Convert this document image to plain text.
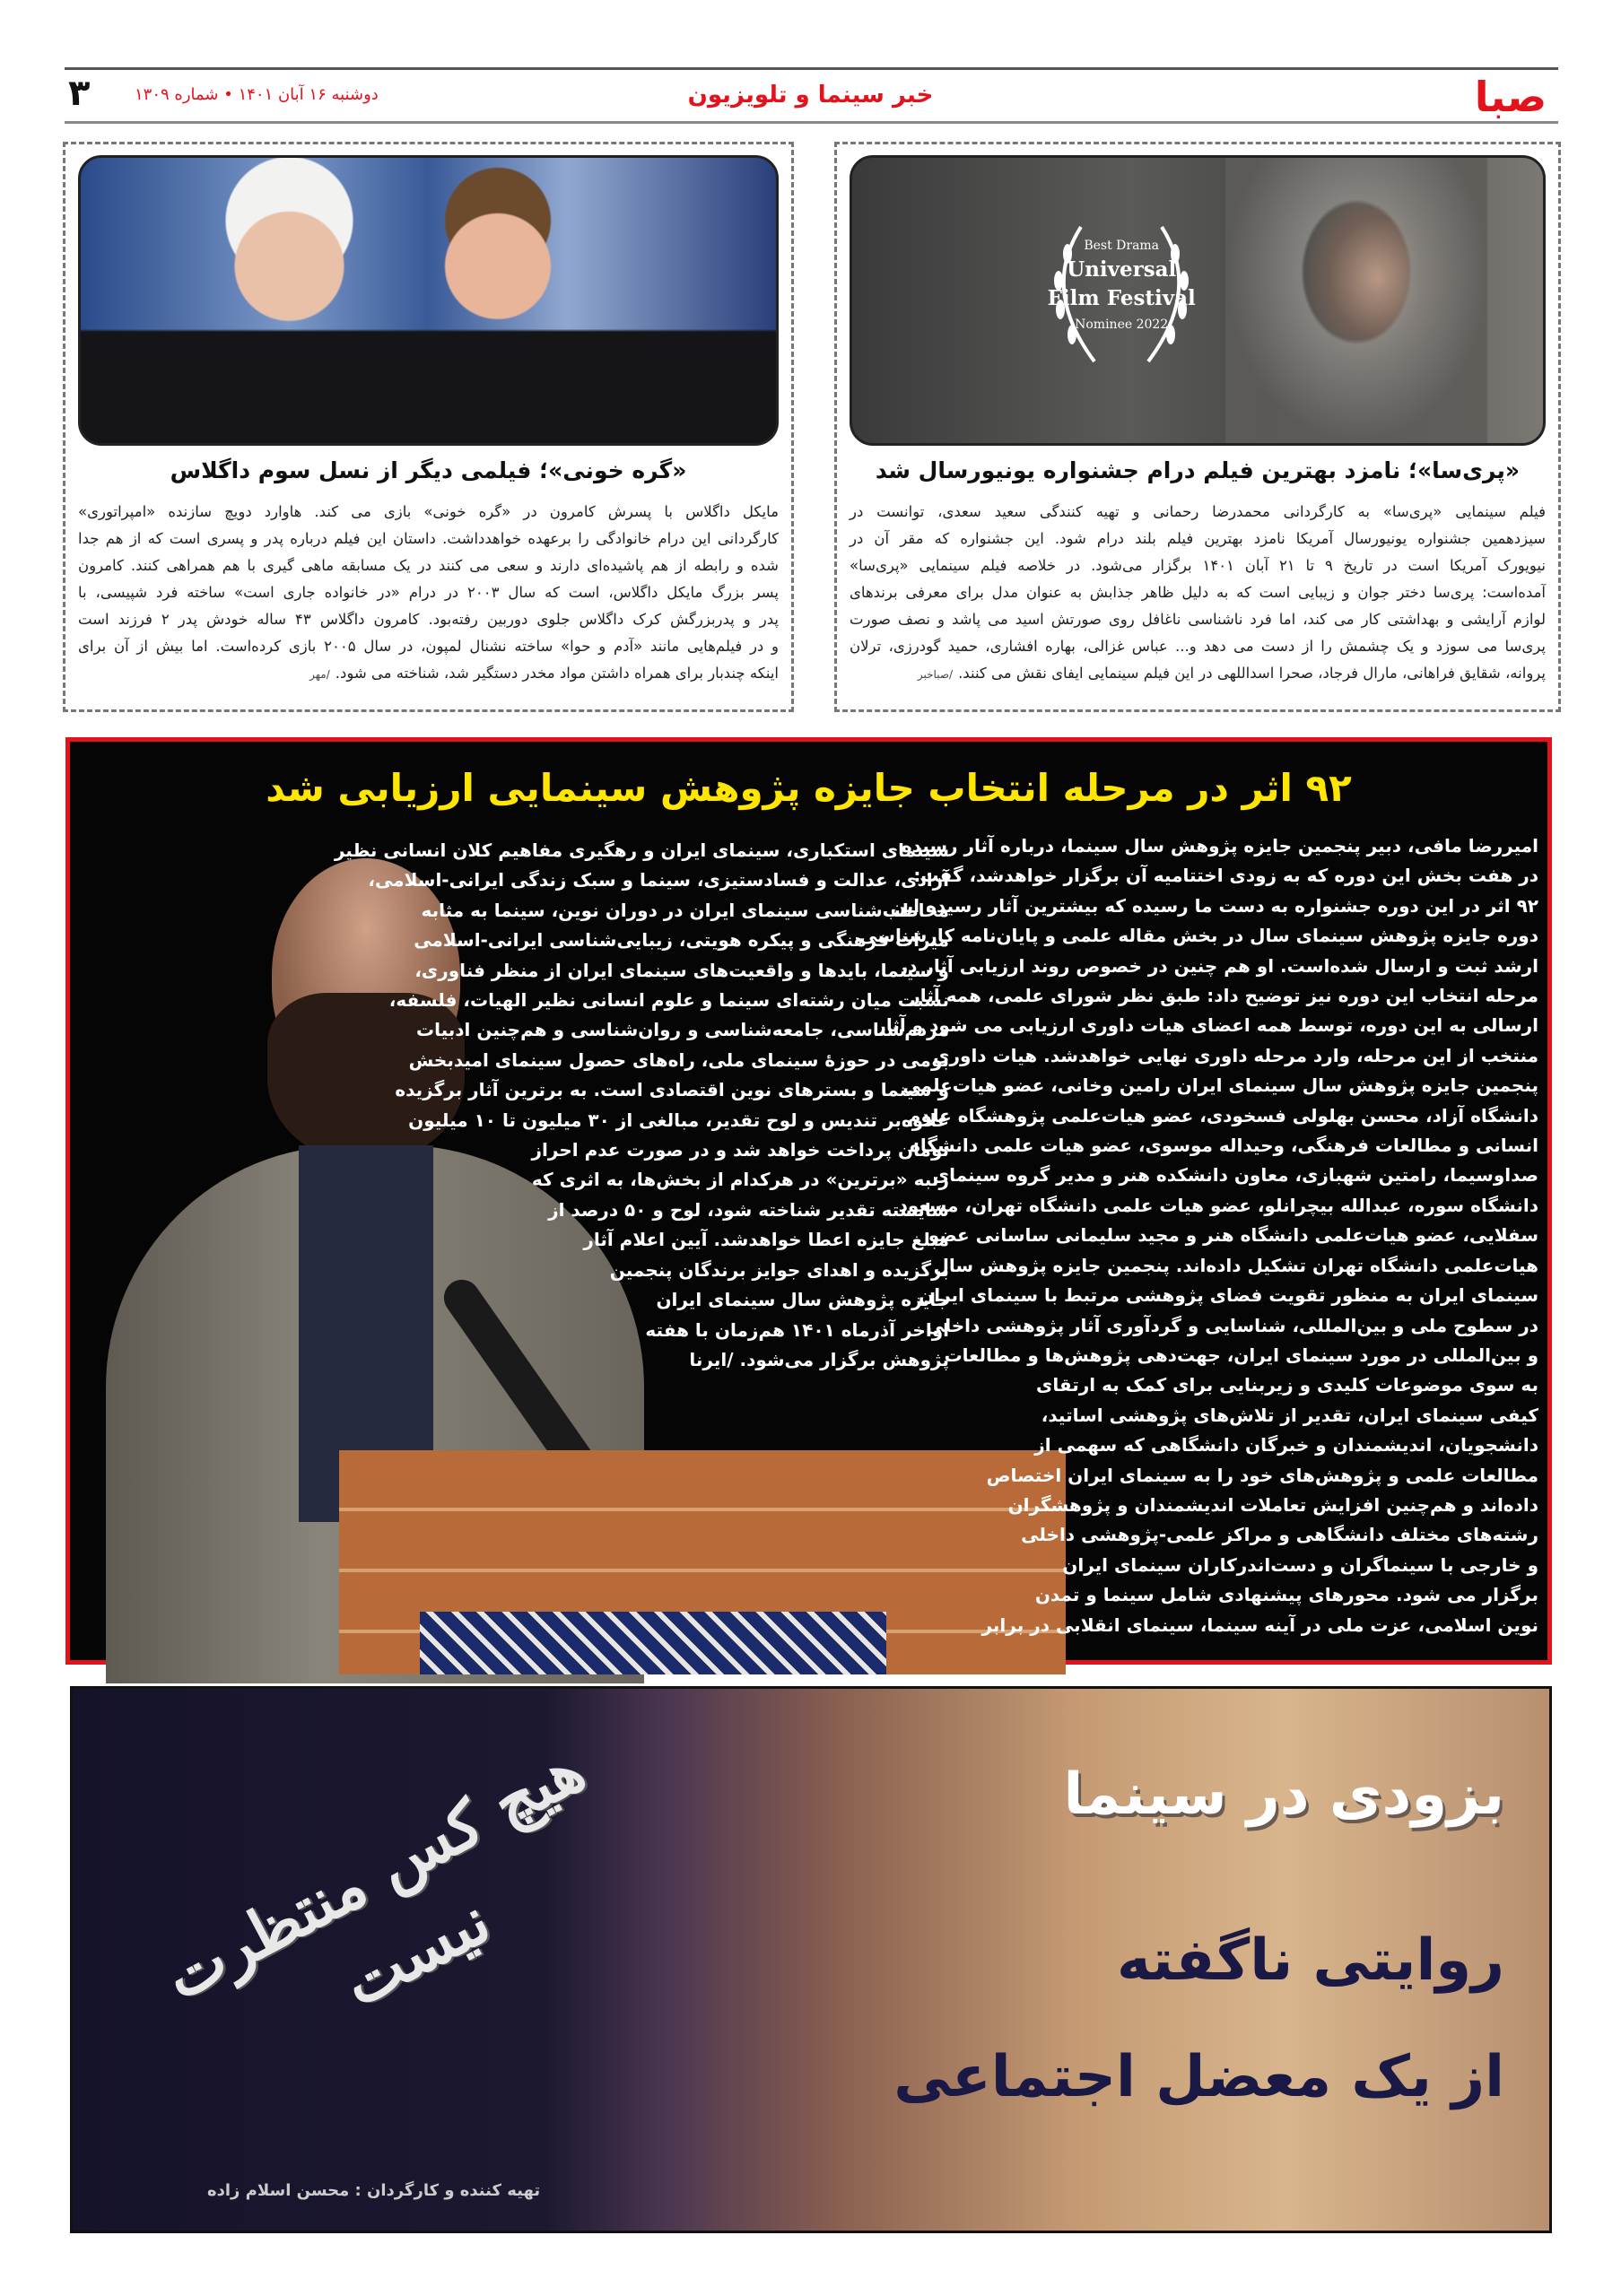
صبا
خبر سینما و تلویزیون
دوشنبه ۱۶ آبان ۱۴۰۱ • شماره ۱۳۰۹
۳
Best Drama
Universal
Film Festival
Nominee 2022
«پری‌سا»؛ نامزد بهترین فیلم درام جشنواره یونیورسال شد
فیلم سینمایی «پری‌سا» به کارگردانی محمدرضا رحمانی و تهیه کنندگی سعید سعدی، توانست در
سیزدهمین جشنواره یونیورسال آمریکا نامزد بهترین فیلم بلند درام شود. این جشنواره که مقر آن در
نیویورک آمریکا است در تاریخ ۹ تا ۲۱ آبان ۱۴۰۱ برگزار می‌شود. در خلاصه فیلم سینمایی «پری‌سا»
آمده‌است: پری‌سا دختر جوان و زیبایی است که به دلیل ظاهر جذابش به عنوان مدل برای معرفی برندهای
لوازم آرایشی و بهداشتی کار می کند، اما فرد ناشناسی ناغافل روی صورتش اسید می پاشد و نصف صورت
پری‌سا می سوزد و یک چشمش را از دست می دهد و... عباس غزالی، بهاره افشاری، حمید گودرزی، ترلان
پروانه، شقایق فراهانی، مارال فرجاد، صحرا اسداللهی در این فیلم سینمایی ایفای نقش می کنند./صباخبر
«گره خونی»؛ فیلمی دیگر از نسل سوم داگلاس
مایکل داگلاس با پسرش کامرون در «گره خونی» بازی می کند. هاوارد دویچ سازنده «امپراتوری»
کارگردانی این درام خانوادگی را برعهده خواهدداشت. داستان این فیلم درباره پدر و پسری است که از هم جدا
شده و رابطه از هم پاشیده‌ای دارند و سعی می کنند در یک مسابقه ماهی گیری با هم همراهی کنند. کامرون
پسر بزرگ مایکل داگلاس، است که سال ۲۰۰۳ در درام «در خانواده جاری است» ساخته فرد شپیسی، با
پدر و پدربزرگش کرک داگلاس جلوی دوربین رفته‌بود. کامرون داگلاس ۴۳ ساله خودش پدر ۲ فرزند است
و در فیلم‌هایی مانند «آدم و حوا» ساخته نشنال لمپون، در سال ۲۰۰۵ بازی کرده‌است. اما بیش از آن برای
اینکه چندبار برای همراه داشتن مواد مخدر دستگیر شد، شناخته می شود./مهر
۹۲ اثر در مرحله انتخاب جایزه پژوهش سینمایی ارزیابی شد
امیررضا مافی، دبیر پنجمین جایزه پژوهش سال سینما، درباره آثار رسیده
در هفت بخش این دوره که به زودی اختتامیه آن برگزار خواهدشد، گفت:
۹۲ اثر در این دوره جشنواره به دست ما رسیده که بیشترین آثار رسیده این
دوره جایزه پژوهش سینمای سال در بخش مقاله علمی و پایان‌نامه کارشناسی
ارشد ثبت و ارسال شده‌است. او هم چنین در خصوص روند ارزیابی آثار در
مرحله انتخاب این دوره نیز توضیح داد: طبق نظر شورای علمی، همه آثار
ارسالی به این دوره، توسط همه اعضای هیات داوری ارزیابی می شود و آثار
منتخب از این مرحله، وارد مرحله داوری نهایی خواهدشد. هیات داوری
پنجمین جایزه پژوهش سال سینمای ایران رامین وخانی، عضو هیات‌علمی
دانشگاه آزاد، محسن بهلولی فسخودی، عضو هیات‌علمی پژوهشگاه علوم
انسانی و مطالعات فرهنگی، وحیداله موسوی، عضو هیات علمی دانشگاه
صداوسیما، رامتین شهبازی، معاون دانشکده هنر و مدیر گروه سینمای
دانشگاه سوره، عبدالله بیچرانلو، عضو هیات علمی دانشگاه تهران، مسعود
سفلایی، عضو هیات‌علمی دانشگاه هنر و مجید سلیمانی ساسانی عضو
هیات‌علمی دانشگاه تهران تشکیل داده‌اند. پنجمین جایزه پژوهش سال
سینمای ایران به منظور تقویت فضای پژوهشی مرتبط با سینمای ایران
در سطوح ملی و بین‌المللی، شناسایی و گردآوری آثار پژوهشی داخلی
و بین‌المللی در مورد سینمای ایران، جهت‌دهی پژوهش‌ها و مطالعات
به سوی موضوعات کلیدی و زیربنایی برای کمک به ارتقای
کیفی سینمای ایران، تقدیر از تلاش‌های پژوهشی اساتید،
دانشجویان، اندیشمندان و خبرگان دانشگاهی که سهمی از
مطالعات علمی و پژوهش‌های خود را به سینمای ایران اختصاص
داده‌اند و هم‌چنین افزایش تعاملات اندیشمندان و پژوهشگران
رشته‌های مختلف دانشگاهی و مراکز علمی-پژوهشی داخلی
و خارجی با سینماگران و دست‌اندرکاران سینمای ایران
برگزار می شود. محورهای پیشنهادی شامل سینما و تمدن
نوین اسلامی، عزت ملی در آینه سینما، سینمای انقلابی در برابر
سینمای استکباری، سینمای ایران و رهگیری مفاهیم کلان انسانی نظیر
آزادی، عدالت و فسادستیزی، سینما و سبک زندگی ایرانی-اسلامی،
مخاطب‌شناسی سینمای ایران در دوران نوین، سینما به مثابه
میراث فرهنگی و پیکره هویتی، زیبایی‌شناسی ایرانی-اسلامی
و سینما، بایدها و واقعیت‌های سینمای ایران از منظر فناوری،
نسبت میان رشته‌ای سینما و علوم انسانی نظیر الهیات، فلسفه،
مردم‌شناسی، جامعه‌شناسی و روان‌شناسی و هم‌چنین ادبیات
بومی در حوزهٔ سینمای ملی، راه‌های حصول سینمای امیدبخش
و سینما و بسترهای نوین اقتصادی است. به برترین آثار برگزیده
علاوه‌بر تندیس و لوح تقدیر، مبالغی از ۳۰ میلیون تا ۱۰ میلیون
تومان پرداخت خواهد شد و در صورت عدم احراز
رتبه «برترین» در هرکدام از بخش‌ها، به اثری که
شایسته تقدیر شناخته شود، لوح و ۵۰ درصد از
مبلغ جایزه اعطا خواهدشد. آیین اعلام آثار
برگزیده و اهدای جوایز برندگان پنجمین
جایزه پژوهش سال سینمای ایران
اواخر آذرماه ۱۴۰۱ هم‌زمان با هفته
پژوهش برگزار می‌شود. /ایرنا
هیچ کس منتظرت نیست
تهیه کننده و کارگردان : محسن اسلام زاده
بزودی در سینما
روایتی ناگفته
از یک معضل اجتماعی
